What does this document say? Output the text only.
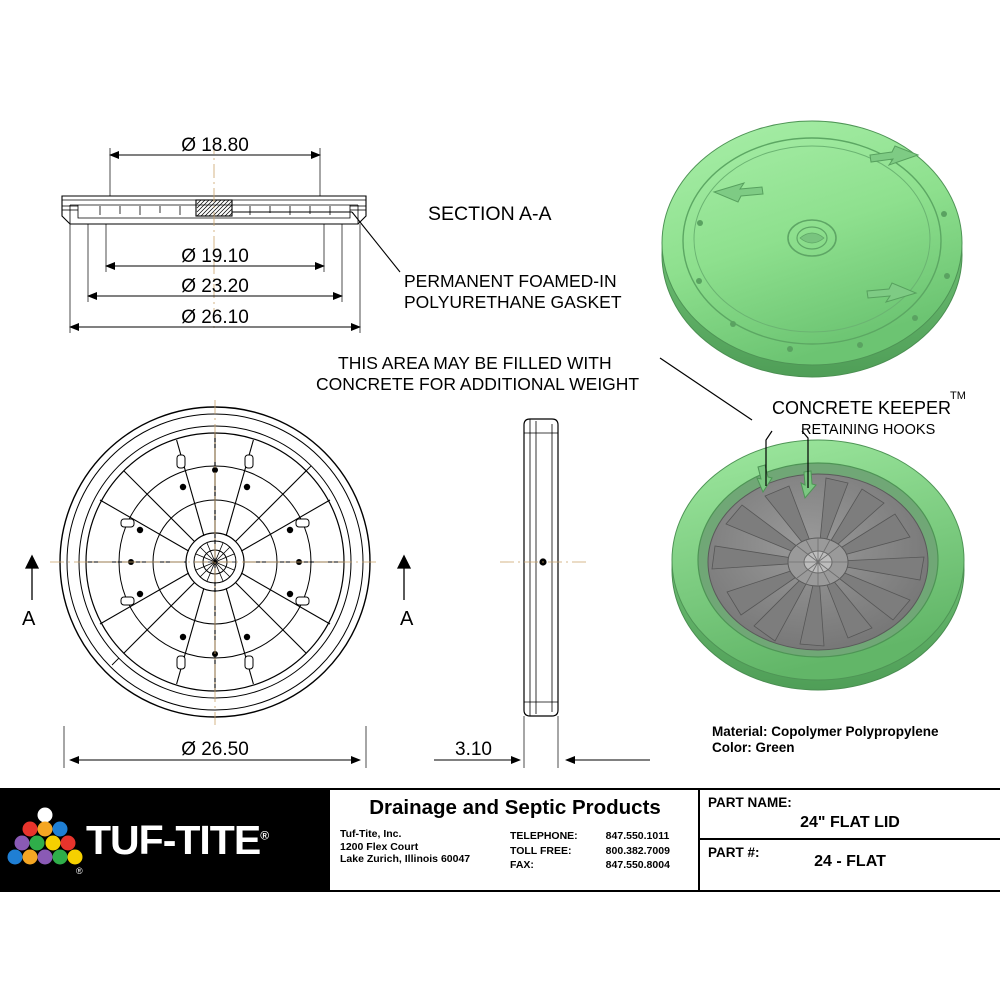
Ø 18.80
Ø 19.10
Ø 23.20
Ø 26.10
SECTION A-A
PERMANENT FOAMED-IN
POLYURETHANE GASKET
THIS AREA MAY BE FILLED WITH
CONCRETE FOR ADDITIONAL WEIGHT
A	A
Ø 26.50	3.10
CONCRETE KEEPER
TM
RETAINING HOOKS
Material: Copolymer Polypropylene
Color: Green
®
TUF-TITE®
Drainage and Septic Products
Tuf-Tite, Inc.
1200 Flex Court
Lake Zurich, Illinois 60047
TELEPHONE:	847.550.1011
TOLL FREE:	800.382.7009
FAX:	847.550.8004
PART NAME:
24" FLAT LID
PART #:
24 - FLAT
